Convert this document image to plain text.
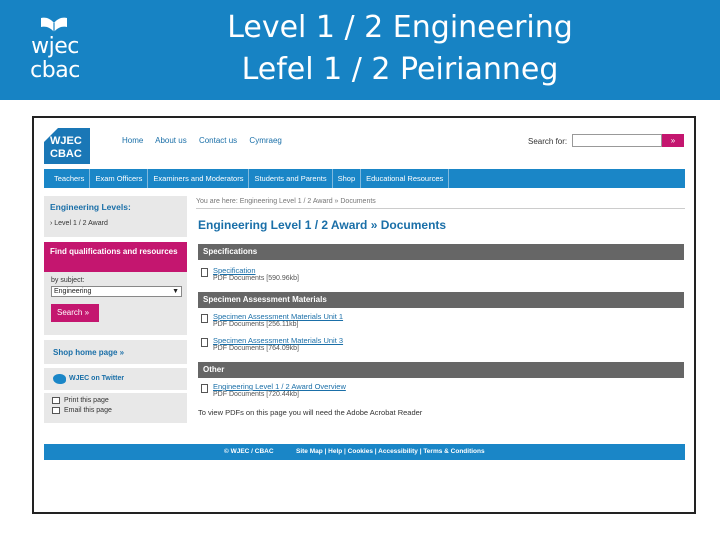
wjec
cbac
Level 1 / 2 Engineering
Lefel 1 / 2 Peirianneg
WJEC
CBAC
Home About us Contact us Cymraeg	Search for:	»
Teachers Exam Officers Examiners and Moderators Students and Parents Shop Educational Resources
Engineering Levels:
› Level 1 / 2 Award
Find qualifications and resources
by subject:
Engineering	▼
Search »
Shop home page »
WJEC on Twitter
Print this page
Email this page
You are here: Engineering Level 1 / 2 Award » Documents
Engineering Level 1 / 2 Award » Documents
Specifications
Specification
PDF Documents [590.96kb]
Specimen Assessment Materials
Specimen Assessment Materials Unit 1
PDF Documents [256.11kb]
Specimen Assessment Materials Unit 3
PDF Documents [764.09kb]
Other
Engineering Level 1 / 2 Award Overview
PDF Documents [720.44kb]
To view PDFs on this page you will need the Adobe Acrobat Reader
© WJEC / CBAC	Site Map | Help | Cookies | Accessibility | Terms & Conditions
